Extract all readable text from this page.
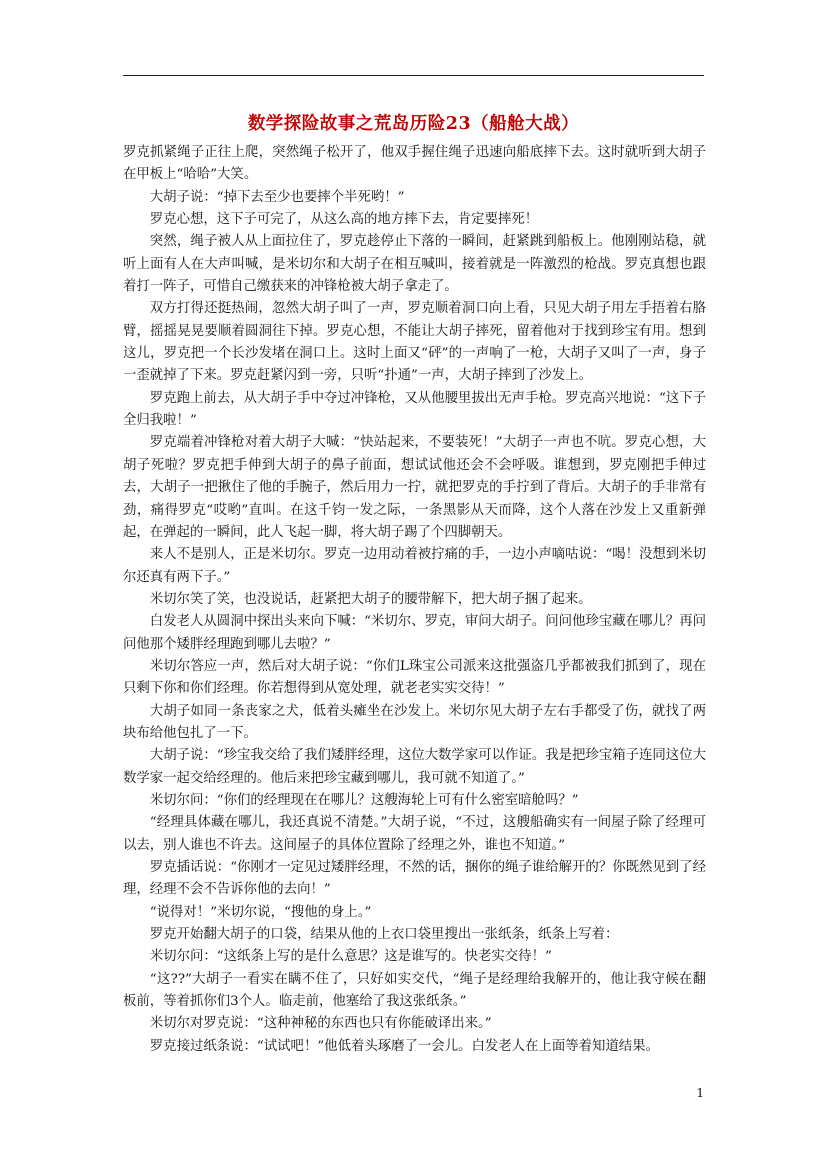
数学探险故事之荒岛历险23（船舱大战）

罗克抓紧绳子正往上爬，突然绳子松开了，他双手握住绳子迅速向船底摔下去。这时就听到大胡子在甲板上“哈哈”大笑。

大胡子说：“掉下去至少也要摔个半死哟！”

罗克心想，这下子可完了，从这么高的地方摔下去，肯定要摔死！

突然，绳子被人从上面拉住了，罗克趁停止下落的一瞬间，赶紧跳到船板上。他刚刚站稳，就听上面有人在大声叫喊，是米切尔和大胡子在相互喊叫，接着就是一阵激烈的枪战。罗克真想也跟着打一阵子，可惜自己缴获来的冲锋枪被大胡子拿走了。

双方打得还挺热闹，忽然大胡子叫了一声，罗克顺着洞口向上看，只见大胡子用左手捂着右胳臂，摇摇晃晃要顺着圆洞往下掉。罗克心想，不能让大胡子摔死，留着他对于找到珍宝有用。想到这儿，罗克把一个长沙发堵在洞口上。这时上面又“砰”的一声响了一枪，大胡子又叫了一声，身子一歪就掉了下来。罗克赶紧闪到一旁，只听“扑通”一声，大胡子摔到了沙发上。

罗克跑上前去，从大胡子手中夺过冲锋枪，又从他腰里拔出无声手枪。罗克高兴地说：“这下子全归我啦！”

罗克端着冲锋枪对着大胡子大喊：“快站起来，不要装死！”大胡子一声也不吭。罗克心想，大胡子死啦？罗克把手伸到大胡子的鼻子前面，想试试他还会不会呼吸。谁想到，罗克刚把手伸过去，大胡子一把揪住了他的手腕子，然后用力一拧，就把罗克的手拧到了背后。大胡子的手非常有劲，痛得罗克“哎哟”直叫。在这千钧一发之际，一条黑影从天而降，这个人落在沙发上又重新弹起，在弹起的一瞬间，此人飞起一脚，将大胡子踢了个四脚朝天。

来人不是别人，正是米切尔。罗克一边用动着被拧痛的手，一边小声嘀咕说：“喝！没想到米切尔还真有两下子。”

米切尔笑了笑，也没说话，赶紧把大胡子的腰带解下，把大胡子捆了起来。

白发老人从圆洞中探出头来向下喊：“米切尔、罗克，审问大胡子。问问他珍宝藏在哪儿？再问问他那个矮胖经理跑到哪儿去啦？”

米切尔答应一声，然后对大胡子说：“你们L珠宝公司派来这批强盗几乎都被我们抓到了，现在只剩下你和你们经理。你若想得到从宽处理，就老老实实交待！”

大胡子如同一条丧家之犬，低着头瘫坐在沙发上。米切尔见大胡子左右手都受了伤，就找了两块布给他包扎了一下。

大胡子说：“珍宝我交给了我们矮胖经理，这位大数学家可以作证。我是把珍宝箱子连同这位大数学家一起交给经理的。他后来把珍宝藏到哪儿，我可就不知道了。”

米切尔问：“你们的经理现在在哪儿？这艘海轮上可有什么密室暗舱吗？”

“经理具体藏在哪儿，我还真说不清楚。”大胡子说，“不过，这艘船确实有一间屋子除了经理可以去，别人谁也不许去。这间屋子的具体位置除了经理之外，谁也不知道。”

罗克插话说：“你刚才一定见过矮胖经理，不然的话，捆你的绳子谁给解开的？你既然见到了经理，经理不会不告诉你他的去向！”

“说得对！”米切尔说，“搜他的身上。”

罗克开始翻大胡子的口袋，结果从他的上衣口袋里搜出一张纸条，纸条上写着：

米切尔问：“这纸条上写的是什么意思？这是谁写的。快老实交待！”

“这??”大胡子一看实在瞒不住了，只好如实交代，“绳子是经理给我解开的，他让我守候在翻板前，等着抓你们3个人。临走前，他塞给了我这张纸条。”

米切尔对罗克说：“这种神秘的东西也只有你能破译出来。”

罗克接过纸条说：“试试吧！”他低着头琢磨了一会儿。白发老人在上面等着知道结果。

1
